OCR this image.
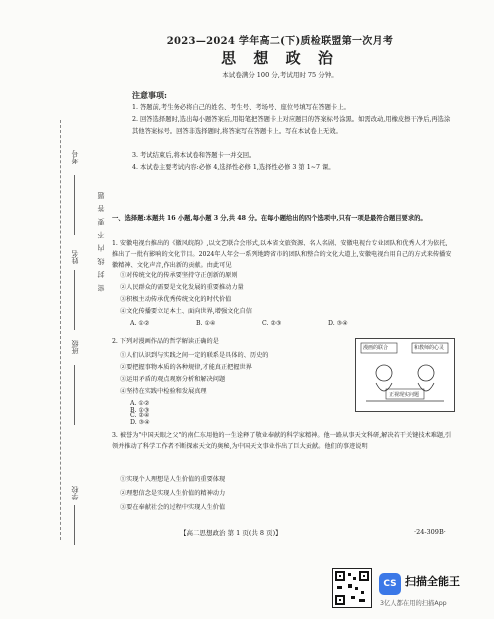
考号
姓名
班级
学校
密 封 线 内 不 要 答 题
2023—2024 学年高二(下)质检联盟第一次月考
思 想 政 治
本试卷满分 100 分,考试用时 75 分钟。
注意事项:
1. 答题前,考生务必将自己的姓名、考生号、考场号、座位号填写在答题卡上。
2. 回答选择题时,选出每小题答案后,用铅笔把答题卡上对应题目的答案标号涂黑。如需改动,用橡皮擦干净后,再选涂其他答案标号。回答非选择题时,将答案写在答题卡上。写在本试卷上无效。
3. 考试结束后,将本试卷和答题卡一并交回。
4. 本试卷主要考试内容:必修 4,选择性必修 1,选择性必修 3 第 1~7 课。
一、选择题:本题共 16 小题,每小题 3 分,共 48 分。在每小题给出的四个选项中,只有一项是最符合题目要求的。
1. 安徽电视台推出的《徽风皖韵》,以文艺联合会形式,以本省文旅资源、名人名剧、安徽电视台专业团队和优秀人才为依托,推出了一批有影响的文化节目。2024年人年会一系列地跨省市的团队和整合的文化大道上,安徽电视台用自己的方式来传播安徽精神、文化声音,作出新的贡献。由此可见
①对传统文化的传承要坚持守正创新的原则
②人民群众的需要是文化发展的重要推动力量
③积极主动传承优秀传统文化的时代价值
④文化传播要立足本土、面向世界,增强文化自信
A. ①②	B. ①④	C. ②③	D. ③④
2. 下列对漫画作品的哲学解读正确的是
①人们认识到与实践之间一定的联系是具体的、历史的
②要把握事物本质的各种规律,才能真正把握世界
③运用矛盾的观点观察分析和解决问题
④坚持在实践中检验和发展真理
A. ①②B. ①③
C. ②④D. ③④
漫画的联合	和教师的心灵
正视现实问题
3. 被誉为"中国天眼之父"的南仁东用他的一生诠释了敬业奉献的科学家精神。他一路从事天文科研,解决若干关键技术难题,引领并推动了科学工作者不断探索天文的奥秘,为中国天文事业作出了巨大贡献。他们的事迹说明
①实现个人理想是人生价值的重要体现
②理想信念是实现人生价值的精神动力
③要在奉献社会的过程中实现人生价值
【高二思想政治 第 1 页(共 8 页)】	·24-309B·
CS 扫描全能王
3亿人都在用的扫描App
